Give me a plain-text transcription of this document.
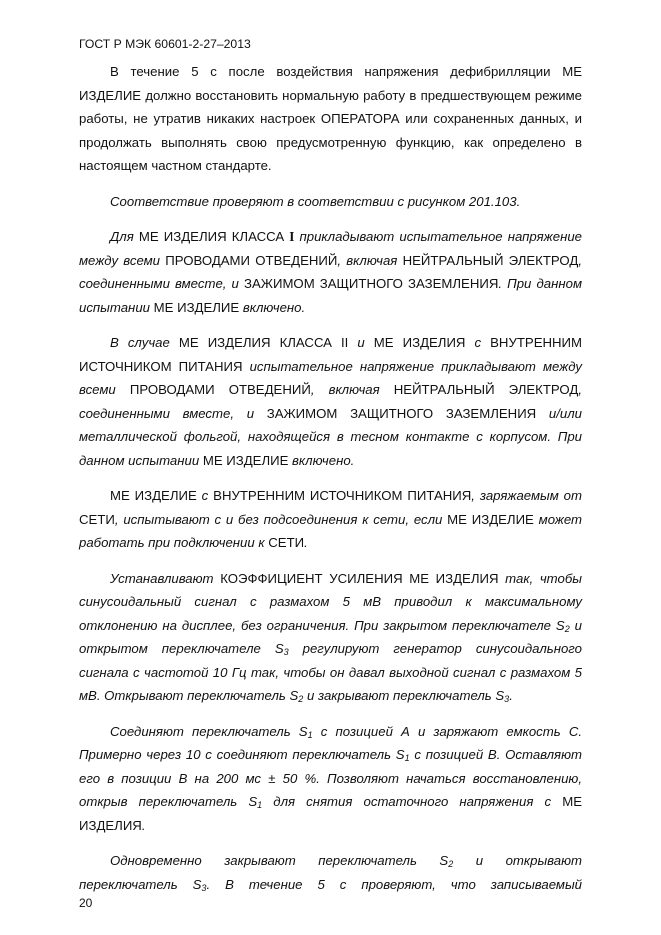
ГОСТ Р МЭК 60601-2-27–2013

В течение 5 с после воздействия напряжения дефибрилляции МЕ ИЗДЕЛИЕ должно восстановить нормальную работу в предшествующем режиме работы, не утратив никаких настроек ОПЕРАТОРА или сохраненных данных, и продолжать выполнять свою предусмотренную функцию, как определено в настоящем частном стандарте.

Соответствие проверяют в соответствии с рисунком 201.103.

Для МЕ ИЗДЕЛИЯ КЛАССА I прикладывают испытательное напряжение между всеми ПРОВОДАМИ ОТВЕДЕНИЙ, включая НЕЙТРАЛЬНЫЙ ЭЛЕКТРОД, соединенными вместе, и ЗАЖИМОМ ЗАЩИТНОГО ЗАЗЕМЛЕНИЯ. При данном испытании МЕ ИЗДЕЛИЕ включено.

В случае МЕ ИЗДЕЛИЯ КЛАССА II и МЕ ИЗДЕЛИЯ с ВНУТРЕННИМ ИСТОЧНИКОМ ПИТАНИЯ испытательное напряжение прикладывают между всеми ПРОВОДАМИ ОТВЕДЕНИЙ, включая НЕЙТРАЛЬНЫЙ ЭЛЕКТРОД, соединенными вместе, и ЗАЖИМОМ ЗАЩИТНОГО ЗАЗЕМЛЕНИЯ и/или металлической фольгой, находящейся в тесном контакте с корпусом. При данном испытании МЕ ИЗДЕЛИЕ включено.

МЕ ИЗДЕЛИЕ с ВНУТРЕННИМ ИСТОЧНИКОМ ПИТАНИЯ, заряжаемым от СЕТИ, испытывают с и без подсоединения к сети, если МЕ ИЗДЕЛИЕ может работать при подключении к СЕТИ.

Устанавливают КОЭФФИЦИЕНТ УСИЛЕНИЯ МЕ ИЗДЕЛИЯ так, чтобы синусоидальный сигнал с размахом 5 мВ приводил к максимальному отклонению на дисплее, без ограничения. При закрытом переключателе $S_2$ и открытом переключателе $S_3$ регулируют генератор синусоидального сигнала с частотой 10 Гц так, чтобы он давал выходной сигнал с размахом 5 мВ. Открывают переключатель $S_2$ и закрывают переключатель $S_3$.

Соединяют переключатель $S_1$ с позицией А и заряжают емкость С. Примерно через 10 с соединяют переключатель $S_1$ с позицией В. Оставляют его в позиции В на 200 мс ± 50 %. Позволяют начаться восстановлению, открыв переключатель $S_1$ для снятия остаточного напряжения с МЕ ИЗДЕЛИЯ.

Одновременно закрывают переключатель $S_2$ и открывают переключатель $S_3$. В течение 5 с проверяют, что записываемый

20
